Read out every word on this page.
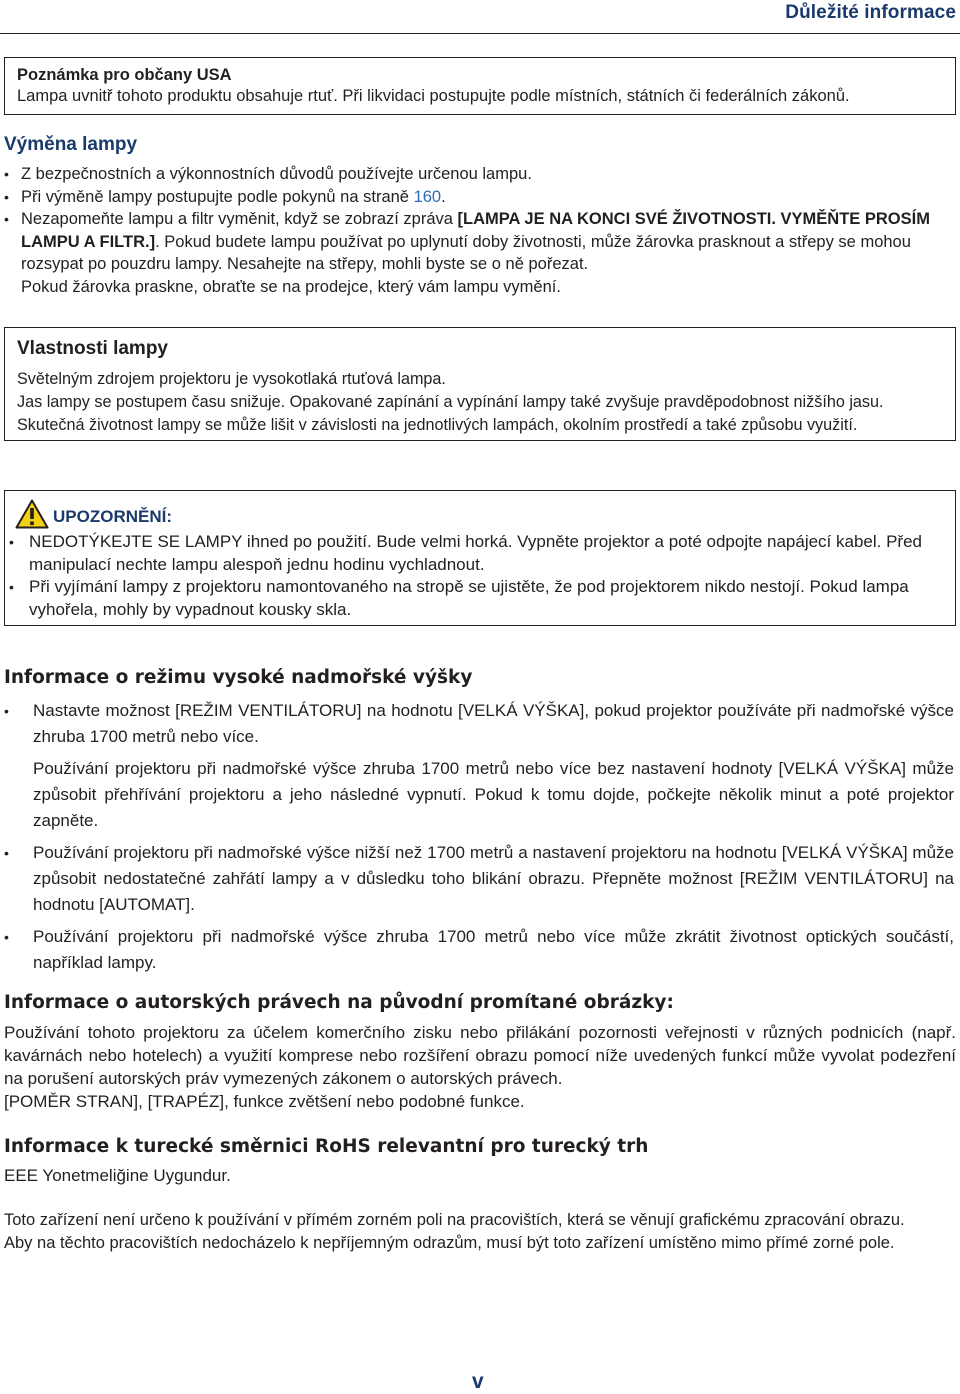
Důležité informace
Poznámka pro občany USA
Lampa uvnitř tohoto produktu obsahuje rtuť. Při likvidaci postupujte podle místních, státních či federálních zákonů.
Výměna lampy
• Z bezpečnostních a výkonnostních důvodů používejte určenou lampu.
• Při výměně lampy postupujte podle pokynů na straně 160.
• Nezapomeňte lampu a filtr vyměnit, když se zobrazí zpráva [LAMPA JE NA KONCI SVÉ ŽIVOTNOSTI. VYMĚŇTE PROSÍM
LAMPU A FILTR.]. Pokud budete lampu používat po uplynutí doby životnosti, může žárovka prasknout a střepy se mohou
rozsypat po pouzdru lampy. Nesahejte na střepy, mohli byste se o ně pořezat.
Pokud žárovka praskne, obraťte se na prodejce, který vám lampu vymění.
Vlastnosti lampy
Světelným zdrojem projektoru je vysokotlaká rtuťová lampa.
Jas lampy se postupem času snižuje. Opakované zapínání a vypínání lampy také zvyšuje pravděpodobnost nižšího jasu.
Skutečná životnost lampy se může lišit v závislosti na jednotlivých lampách, okolním prostředí a také způsobu využití.
UPOZORNĚNÍ:
• NEDOTÝKEJTE SE LAMPY ihned po použití. Bude velmi horká. Vypněte projektor a poté odpojte napájecí kabel. Před
manipulací nechte lampu alespoň jednu hodinu vychladnout.
• Při vyjímání lampy z projektoru namontovaného na stropě se ujistěte, že pod projektorem nikdo nestojí. Pokud lampa
vyhořela, mohly by vypadnout kousky skla.
Informace o režimu vysoké nadmořské výšky

• Nastavte možnost [REŽIM VENTILÁTORU] na hodnotu [VELKÁ VÝŠKA], pokud projektor používáte při nadmořské výšce zhruba 1700 metrů nebo více.

Používání projektoru při nadmořské výšce zhruba 1700 metrů nebo více bez nastavení hodnoty [VELKÁ VÝŠKA] může způsobit přehřívání projektoru a jeho následné vypnutí. Pokud k tomu dojde, počkejte několik minut a poté projektor zapněte.

• Používání projektoru při nadmořské výšce nižší než 1700 metrů a nastavení projektoru na hodnotu [VELKÁ VÝŠKA] může způsobit nedostatečné zahřátí lampy a v důsledku toho blikání obrazu. Přepněte možnost [REŽIM VENTILÁTORU] na hodnotu [AUTOMAT].

• Používání projektoru při nadmořské výšce zhruba 1700 metrů nebo více může zkrátit životnost optických součástí, například lampy.

Informace o autorských právech na původní promítané obrázky:
Používání tohoto projektoru za účelem komerčního zisku nebo přilákání pozornosti veřejnosti v různých podnicích (např. kavárnách nebo hotelech) a využití komprese nebo rozšíření obrazu pomocí níže uvedených funkcí může vyvolat podezření na porušení autorských práv vymezených zákonem o autorských právech.
[POMĚR STRAN], [TRAPÉZ], funkce zvětšení nebo podobné funkce.
Informace k turecké směrnici RoHS relevantní pro turecký trh
EEE Yonetmeliğine Uygundur.
Toto zařízení není určeno k používání v přímém zorném poli na pracovištích, která se věnují grafickému zpracování obrazu.
Aby na těchto pracovištích nedocházelo k nepříjemným odrazům, musí být toto zařízení umístěno mimo přímé zorné pole.
v
